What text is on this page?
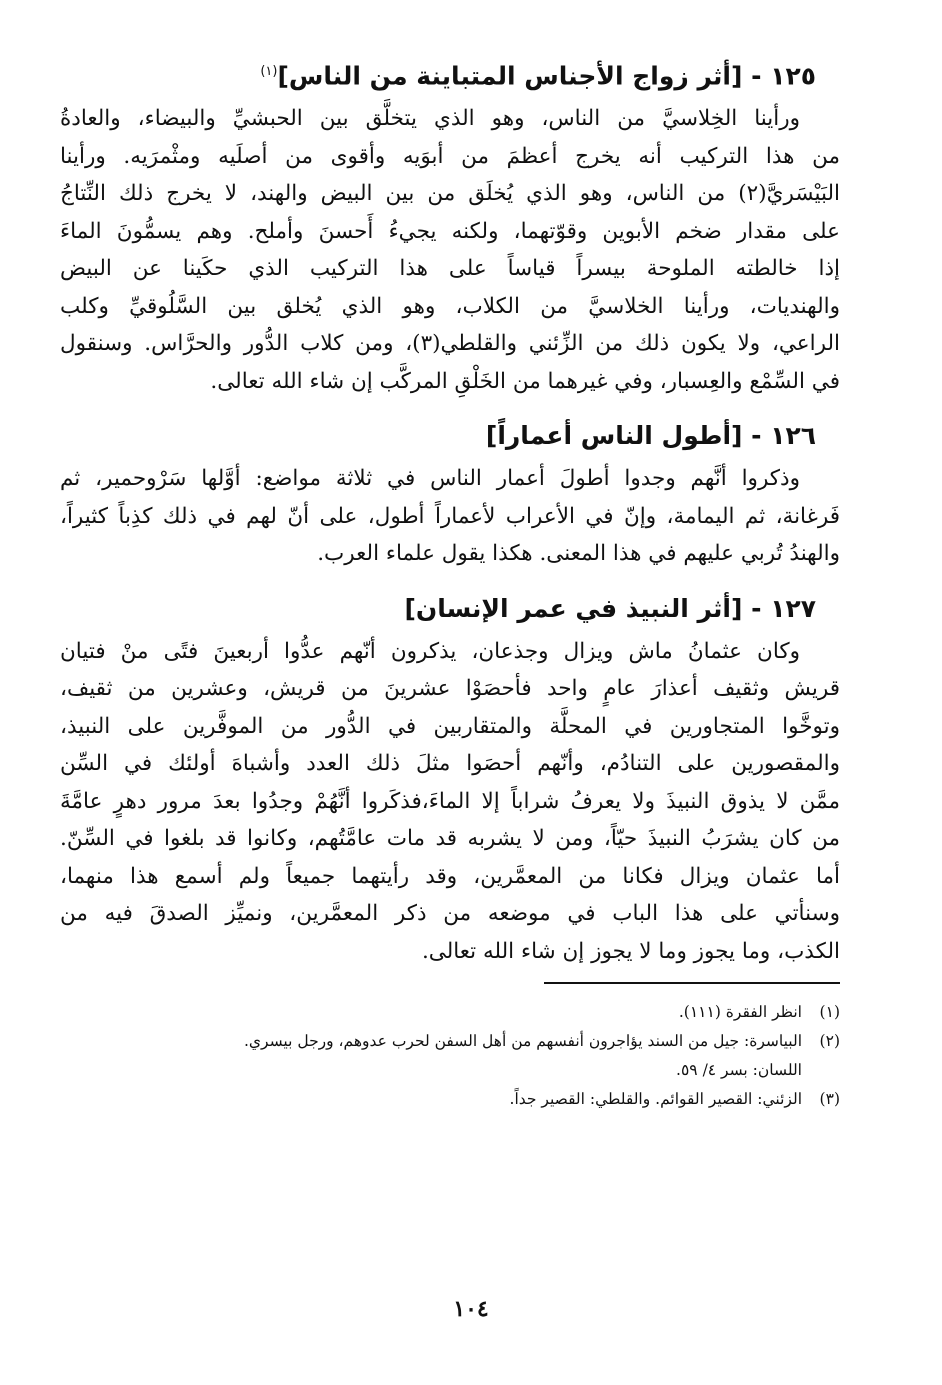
١٢٥ - [أثر زواج الأجناس المتباينة من الناس]$^{(١)}$
ورأينا الخِلاسيَّ من الناس، وهو الذي يتخلَّق بين الحبشيِّ والبيضاء، والعادةُ
من هذا التركيب أنه يخرج أعظمَ من أبوَيه وأقوى من أصلَيه ومثْمرَيه. ورأينا
البَيْسَريَّ(٢) من الناس، وهو الذي يُخلَق من بين البيض والهند، لا يخرج ذلك النِّتاجُ
على مقدار ضخم الأبوين وقوّتهما، ولكنه يجيءُ أَحسنَ وأملح. وهم يسمُّونَ الماءَ
إذا خالطته الملوحة بيسراً قياساً على هذا التركيب الذي حكَينا عن البيض
والهنديات، ورأينا الخلاسيَّ من الكلاب، وهو الذي يُخلق بين السَّلُوقيِّ وكلب
الراعي، ولا يكون ذلك من الزِّئني والقلطي(٣)، ومن كلاب الدُّور والحرَّاس. وسنقول
في السِّمْع والعِسبار، وفي غيرهما من الخَلْقِ المركَّب إن شاء الله تعالى.
١٢٦ - [أطول الناس أعماراً]
وذكروا أنَّهم وجدوا أطولَ أعمار الناس في ثلاثة مواضع: أوَّلها سَرْوحمير، ثم
فَرغانة، ثم اليمامة، وإنّ في الأعراب لأعماراً أطول، على أنّ لهم في ذلك كذِباً كثيراً،
والهندُ تُربي عليهم في هذا المعنى. هكذا يقول علماء العرب.
١٢٧ - [أثر النبيذ في عمر الإنسان]
وكان عثمانُ ماش ويزال وجذعان، يذكرون أنّهم عدُّوا أربعينَ فتًى منْ فتيان
قريش وثقيف أعذارَ عامٍ واحد فأحصَوْا عشرينَ من قريش، وعشرين من ثقيف،
وتوخَّوا المتجاورين في المحلَّة والمتقاربين في الدُّور من الموفَّرين على النبيذ،
والمقصورين على التنادُم، وأنّهم أحصَوا مثلَ ذلك العدد وأشباهَ أولئك في السِّن
ممَّن لا يذوق النبيذَ ولا يعرفُ شراباً إلا الماءَ،فذكَروا أنَّهُمْ وجدُوا بعدَ مرور دهرٍ عامَّةَ
من كان يشرَبُ النبيذَ حيّاً، ومن لا يشربه قد مات عامَّتُهم، وكانوا قد بلغوا في السِّنّ.
أما عثمان ويزال فكانا من المعمَّرين، وقد رأيتهما جميعاً ولم أسمع هذا منهما،
وسنأتي على هذا الباب في موضعه من ذكر المعمَّرين، ونميِّز الصدقَ فيه من
الكذب، وما يجوز وما لا يجوز إن شاء الله تعالى.
(١)انظر الفقرة (١١١).
(٢)البياسرة: جيل من السند يؤاجرون أنفسهم من أهل السفن لحرب عدوهم، ورجل بيسري.
اللسان: بسر ٤/ ٥٩.
(٣)الزئني: القصير القوائم. والقلطي: القصير جداً.
١٠٤
